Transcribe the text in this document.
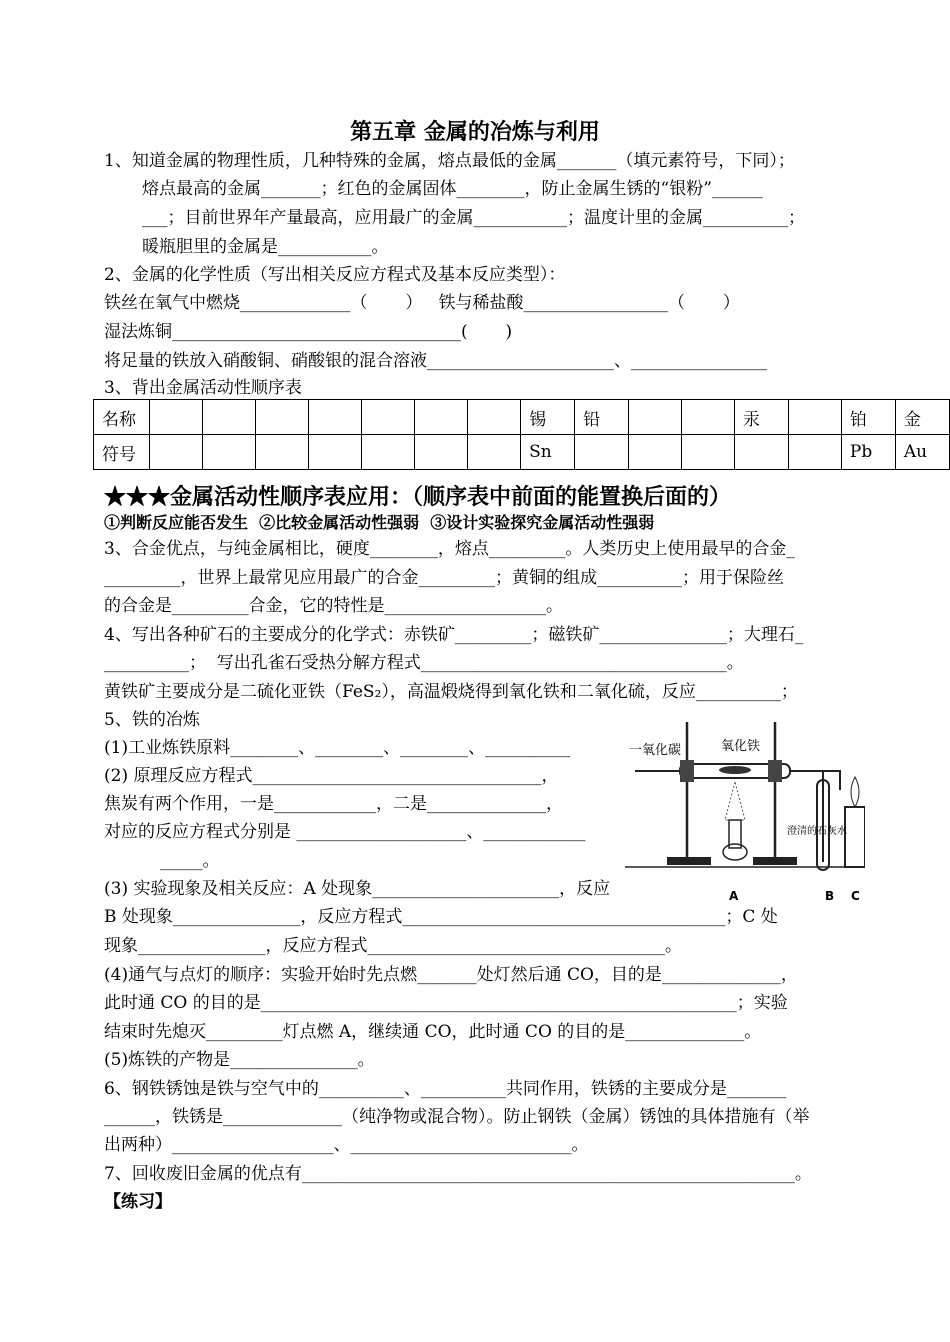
第五章 金属的冶炼与利用
1、知道金属的物理性质，几种特殊的金属，熔点最低的金属_______（填元素符号，下同）；
熔点最高的金属_______；红色的金属固体________，防止金属生锈的“银粉”______
___；目前世界年产量最高，应用最广的金属___________；温度计里的金属__________；
暖瓶胆里的金属是___________。
2、金属的化学性质（写出相关反应方程式及基本反应类型）：
铁丝在氧气中燃烧_____________（       ）   铁与稀盐酸_________________（       ）
湿法炼铜__________________________________(       )
将足量的铁放入硝酸铜、硝酸银的混合溶液______________________、________________
3、背出金属活动性顺序表
名称								锡	铅			汞		铂	金
符号								Sn						Pb	Au
★★★金属活动性顺序表应用：（顺序表中前面的能置换后面的）
①判断反应能否发生  ②比较金属活动性强弱  ③设计实验探究金属活动性强弱
3、合金优点，与纯金属相比，硬度________，熔点_________。人类历史上使用最早的合金_
_________，世界上最常见应用最广的合金_________；黄铜的组成__________；用于保险丝
的合金是_________合金，它的特性是___________________。
4、写出各种矿石的主要成分的化学式：赤铁矿_________；磁铁矿_______________；大理石_
__________；  写出孔雀石受热分解方程式____________________________________。
黄铁矿主要成分是二硫化亚铁（FeS₂），高温煅烧得到氧化铁和二氧化硫，反应__________；
5、铁的冶炼
(1)工业炼铁原料________、________、________、__________
(2) 原理反应方程式__________________________________，
焦炭有两个作用，一是____________，二是______________，
对应的反应方程式分别是 ____________________、____________
_____。
(3) 实验现象及相关反应：A 处现象______________________，反应
B 处现象_______________，反应方程式______________________________________；C 处
现象_______________，反应方程式___________________________________。
(4)通气与点灯的顺序：实验开始时先点燃_______处灯然后通 CO，目的是______________，
此时通 CO 的目的是________________________________________________________；实验
结束时先熄灭_________灯点燃 A，继续通 CO，此时通 CO 的目的是______________。
(5)炼铁的产物是_______________。
一氧化碳	氧化铁
澄清的石灰水
A	B C
6、钢铁锈蚀是铁与空气中的__________、__________共同作用，铁锈的主要成分是_______
______，铁锈是______________（纯净物或混合物）。防止钢铁（金属）锈蚀的具体措施有（举
出两种）___________________、__________________________。
7、回收废旧金属的优点有__________________________________________________________。
【练习】
